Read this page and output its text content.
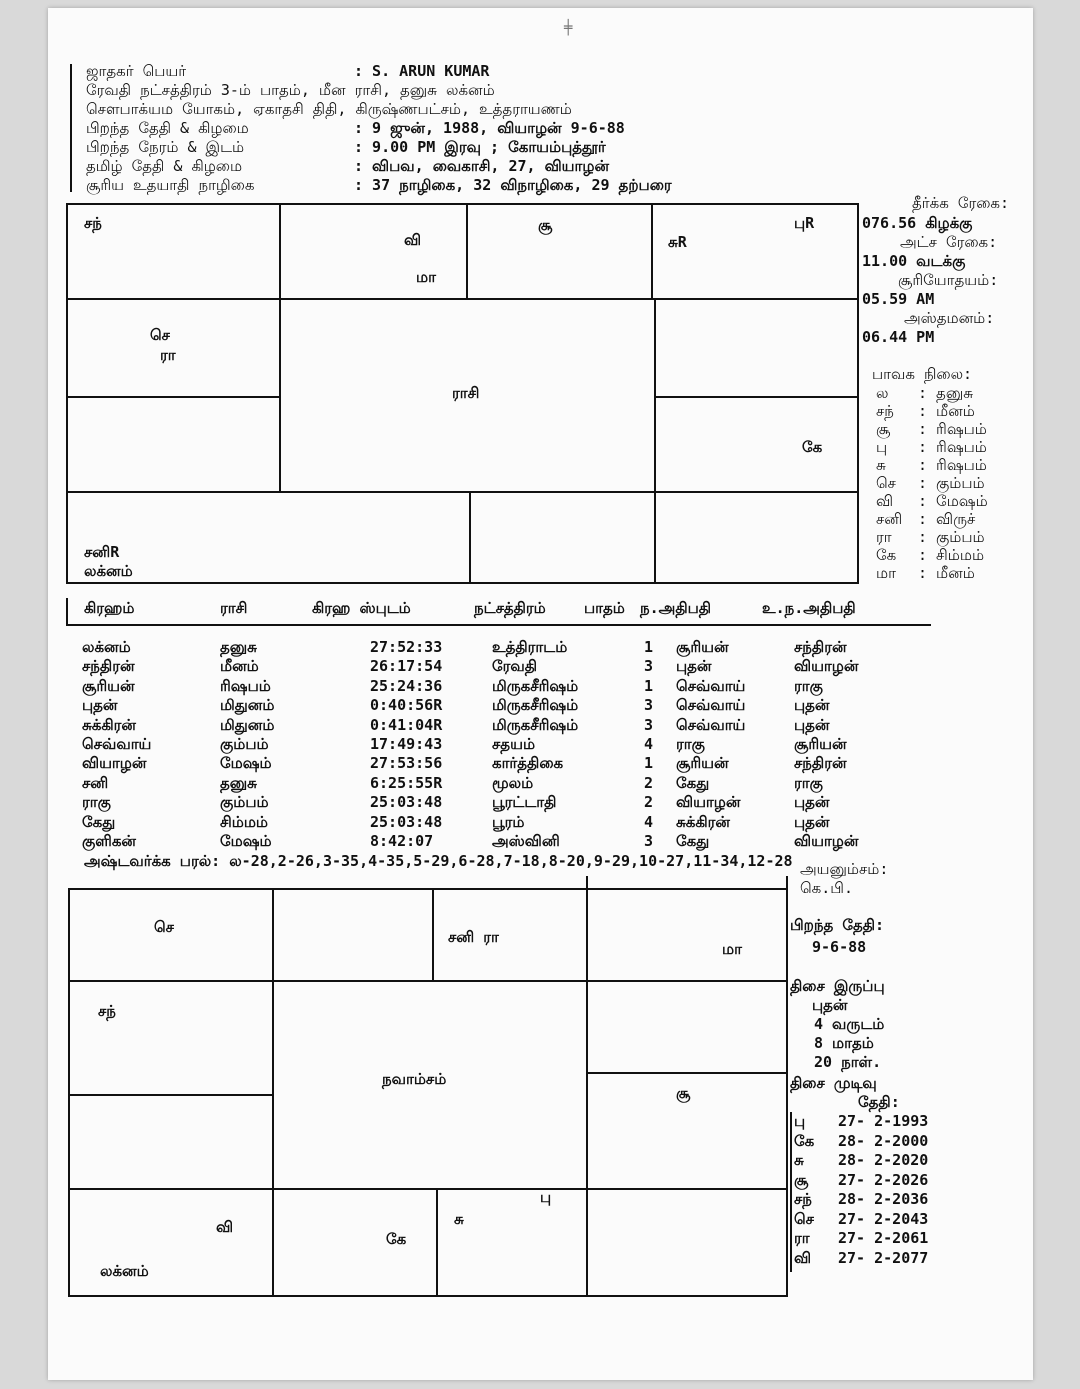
╪
ஜாதகர் பெயர்	: S. ARUN KUMAR
ரேவதி நட்சத்திரம் 3-ம் பாதம், மீன ராசி, தனுசு லக்னம்
சௌபாக்யம யோகம், ஏகாதசி திதி, கிருஷ்ணபட்சம், உத்தராயணம்
பிறந்த தேதி & கிழமை	: 9 ஜுன், 1988, வியாழன் 9-6-88
பிறந்த நேரம் & இடம்	: 9.00 PM இரவு ; கோயம்புத்தூர்
தமிழ் தேதி & கிழமை	: விபவ, வைகாசி, 27, வியாழன்
சூரிய உதயாதி நாழிகை	: 37 நாழிகை, 32 விநாழிகை, 29 தற்பரை
சந்
வி
மா
சூ
சுR
புR
செ
ரா
ராசி
கே
சனிR
லக்னம்
தீர்க்க ரேகை:
076.56 கிழக்கு
அட்ச ரேகை:
11.00 வடக்கு
சூரியோதயம்:
05.59 AM
அஸ்தமனம்:
06.44 PM
பாவக நிலை:
ல : தனுசு
சந் : மீனம்
சூ : ரிஷபம்
பு : ரிஷபம்
சு : ரிஷபம்
செ : கும்பம்
வி : மேஷம்
சனி : விருச்
ரா : கும்பம்
கே : சிம்மம்
மா : மீனம்
கிரஹம்	ராசி	கிரஹ ஸ்புடம்	நட்சத்திரம்	பாதம் ந.அதிபதி	உ.ந.அதிபதி
லக்னம்	தனுசு	27:52:33	உத்திராடம்	1 சூரியன்	சந்திரன்
சந்திரன்	மீனம்	26:17:54	ரேவதி	3 புதன்	வியாழன்
சூரியன்	ரிஷபம்	25:24:36	மிருகசீரிஷம்	1 செவ்வாய்	ராகு
புதன்	மிதுனம்	0:40:56R	மிருகசீரிஷம்	3 செவ்வாய்	புதன்
சுக்கிரன்	மிதுனம்	0:41:04R	மிருகசீரிஷம்	3 செவ்வாய்	புதன்
செவ்வாய்	கும்பம்	17:49:43	சதயம்	4 ராகு	சூரியன்
வியாழன்	மேஷம்	27:53:56	கார்த்திகை	1 சூரியன்	சந்திரன்
சனி	தனுசு	6:25:55R	மூலம்	2 கேது	ராகு
ராகு	கும்பம்	25:03:48	பூரட்டாதி	2 வியாழன்	புதன்
கேது	சிம்மம்	25:03:48	பூரம்	4 சுக்கிரன்	புதன்
குளிகன்	மேஷம்	8:42:07	அஸ்வினி	3 கேது	வியாழன்
அஷ்டவர்க்க பரல்: ல-28,2-26,3-35,4-35,5-29,6-28,7-18,8-20,9-29,10-27,11-34,12-28
செ
சனி ரா
மா
சந்
நவாம்சம்
சூ
வி
லக்னம்
கே
சு
பு
அயனும்சம்:
கெ.பி.
பிறந்த தேதி:
9-6-88
திசை இருப்பு
புதன்
4 வருடம்
8 மாதம்
20 நாள்.
திசை முடிவு
தேதி:
பு 27- 2-1993
கே 28- 2-2000
சு 28- 2-2020
சூ 27- 2-2026
சந் 28- 2-2036
செ 27- 2-2043
ரா 27- 2-2061
வி 27- 2-2077
